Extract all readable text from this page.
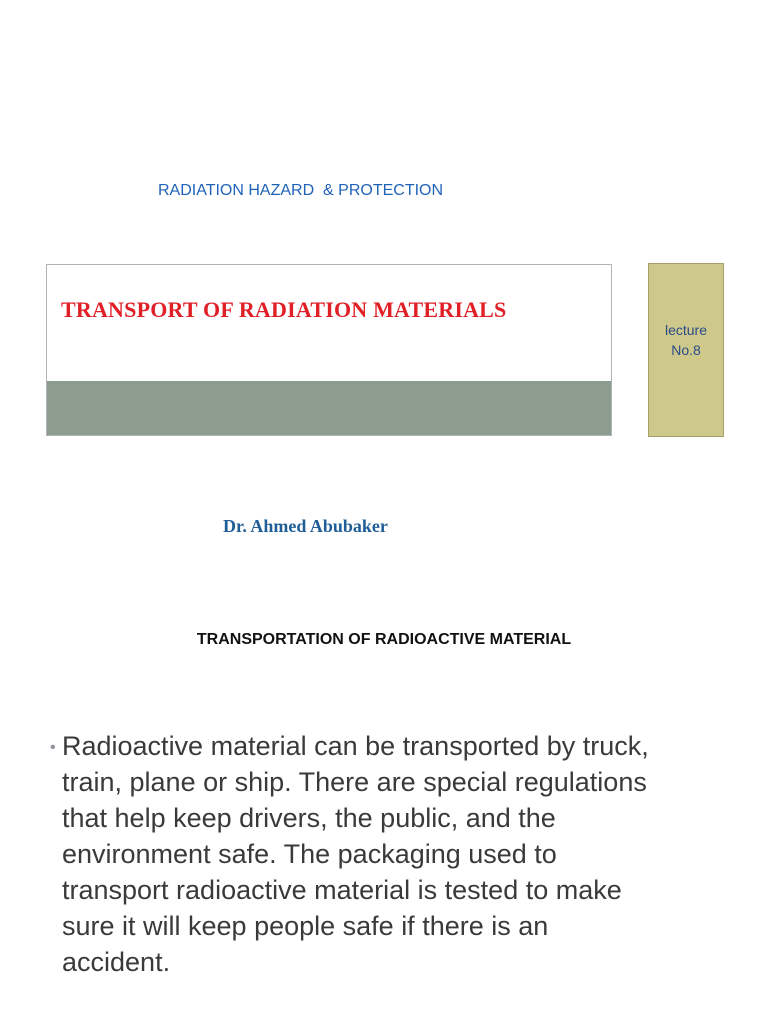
RADIATION HAZARD  & PROTECTION
TRANSPORT OF RADIATION MATERIALS
lecture
No.8
Dr. Ahmed Abubaker
TRANSPORTATION OF RADIOACTIVE MATERIAL
• Radioactive material can be transported by truck,
train, plane or ship. There are special regulations
that help keep drivers, the public, and the
environment safe. The packaging used to
transport radioactive material is tested to make
sure it will keep people safe if there is an
accident.
